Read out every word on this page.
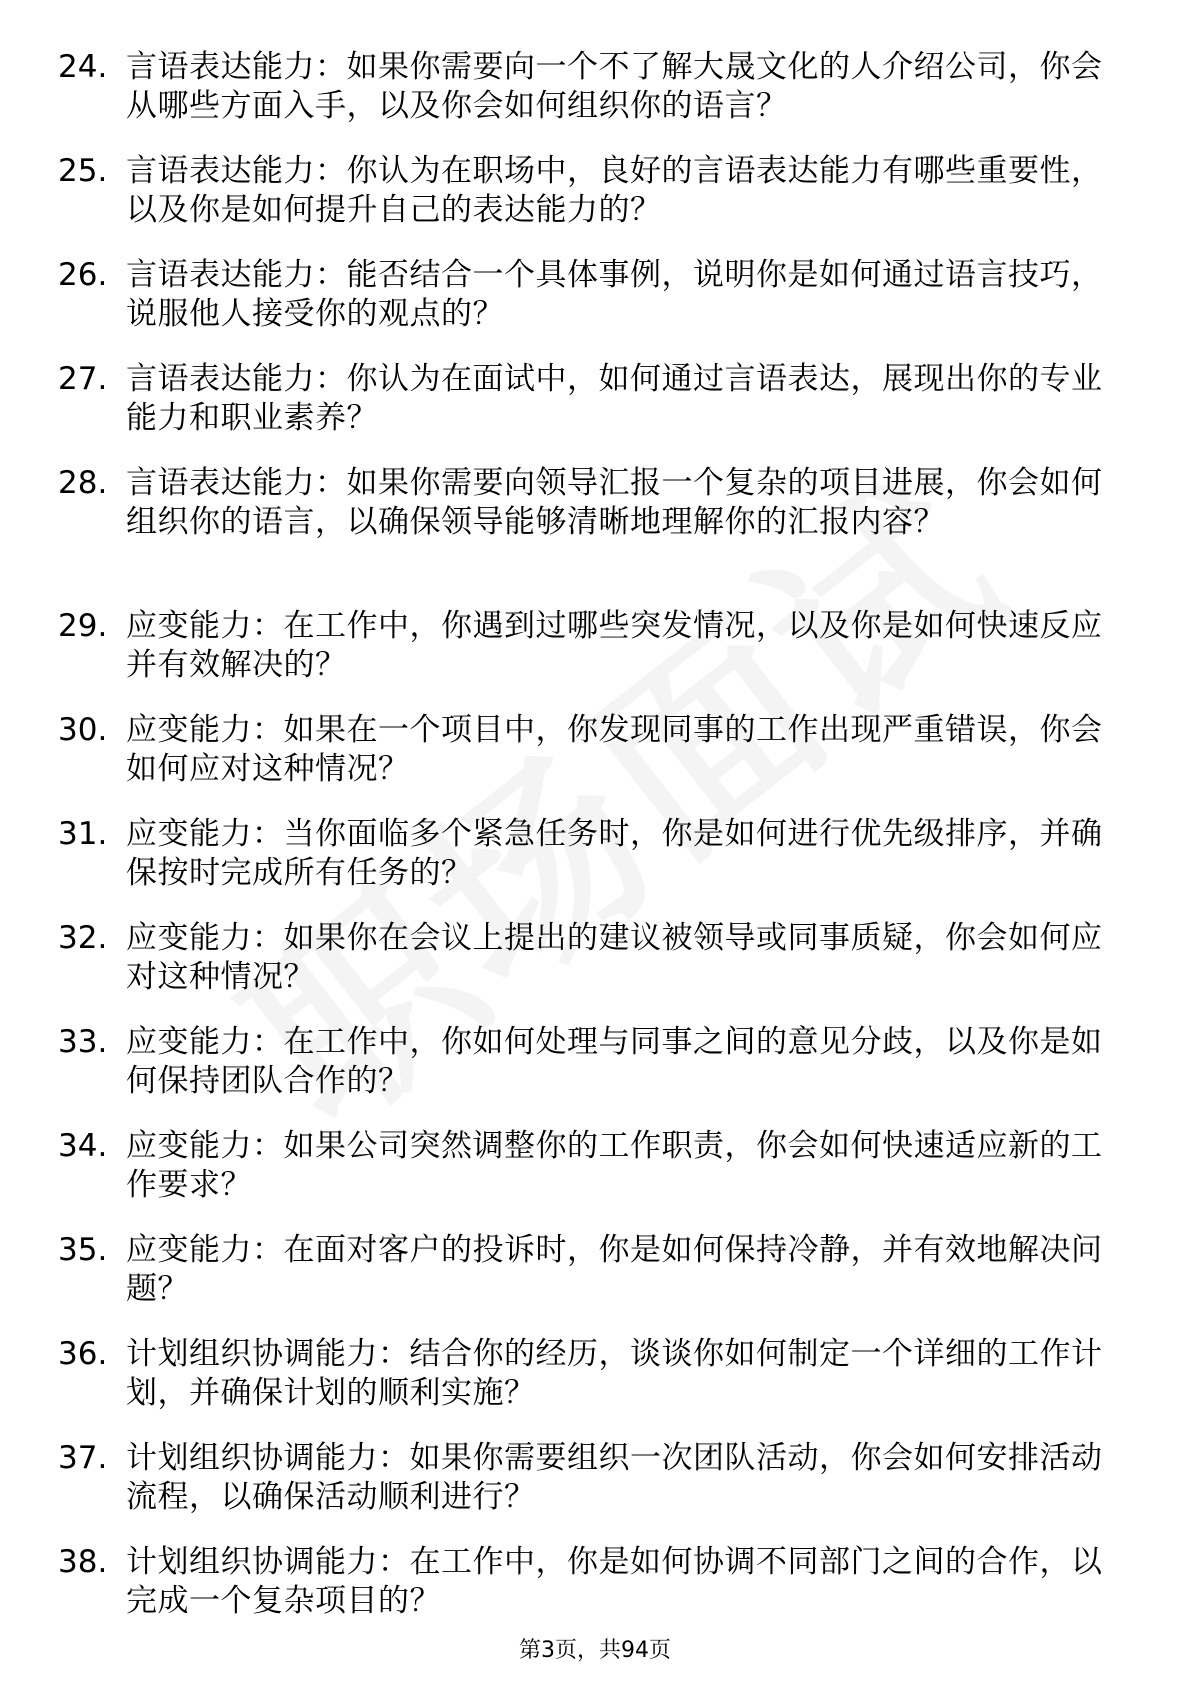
24. 言语表达能力：如果你需要向一个不了解大晟文化的人介绍公司，你会从哪些方面入手，以及你会如何组织你的语言？
25. 言语表达能力：你认为在职场中，良好的言语表达能力有哪些重要性，以及你是如何提升自己的表达能力的？
26. 言语表达能力：能否结合一个具体事例，说明你是如何通过语言技巧，说服他人接受你的观点的？
27. 言语表达能力：你认为在面试中，如何通过言语表达，展现出你的专业能力和职业素养？
28. 言语表达能力：如果你需要向领导汇报一个复杂的项目进展，你会如何组织你的语言，以确保领导能够清晰地理解你的汇报内容？
29. 应变能力：在工作中，你遇到过哪些突发情况，以及你是如何快速反应并有效解决的？
30. 应变能力：如果在一个项目中，你发现同事的工作出现严重错误，你会如何应对这种情况？
31. 应变能力：当你面临多个紧急任务时，你是如何进行优先级排序，并确保按时完成所有任务的？
32. 应变能力：如果你在会议上提出的建议被领导或同事质疑，你会如何应对这种情况？
33. 应变能力：在工作中，你如何处理与同事之间的意见分歧，以及你是如何保持团队合作的？
34. 应变能力：如果公司突然调整你的工作职责，你会如何快速适应新的工作要求？
35. 应变能力：在面对客户的投诉时，你是如何保持冷静，并有效地解决问题？
36. 计划组织协调能力：结合你的经历，谈谈你如何制定一个详细的工作计划，并确保计划的顺利实施？
37. 计划组织协调能力：如果你需要组织一次团队活动，你会如何安排活动流程，以确保活动顺利进行？
38. 计划组织协调能力：在工作中，你是如何协调不同部门之间的合作，以完成一个复杂项目的？
第3页，共94页
